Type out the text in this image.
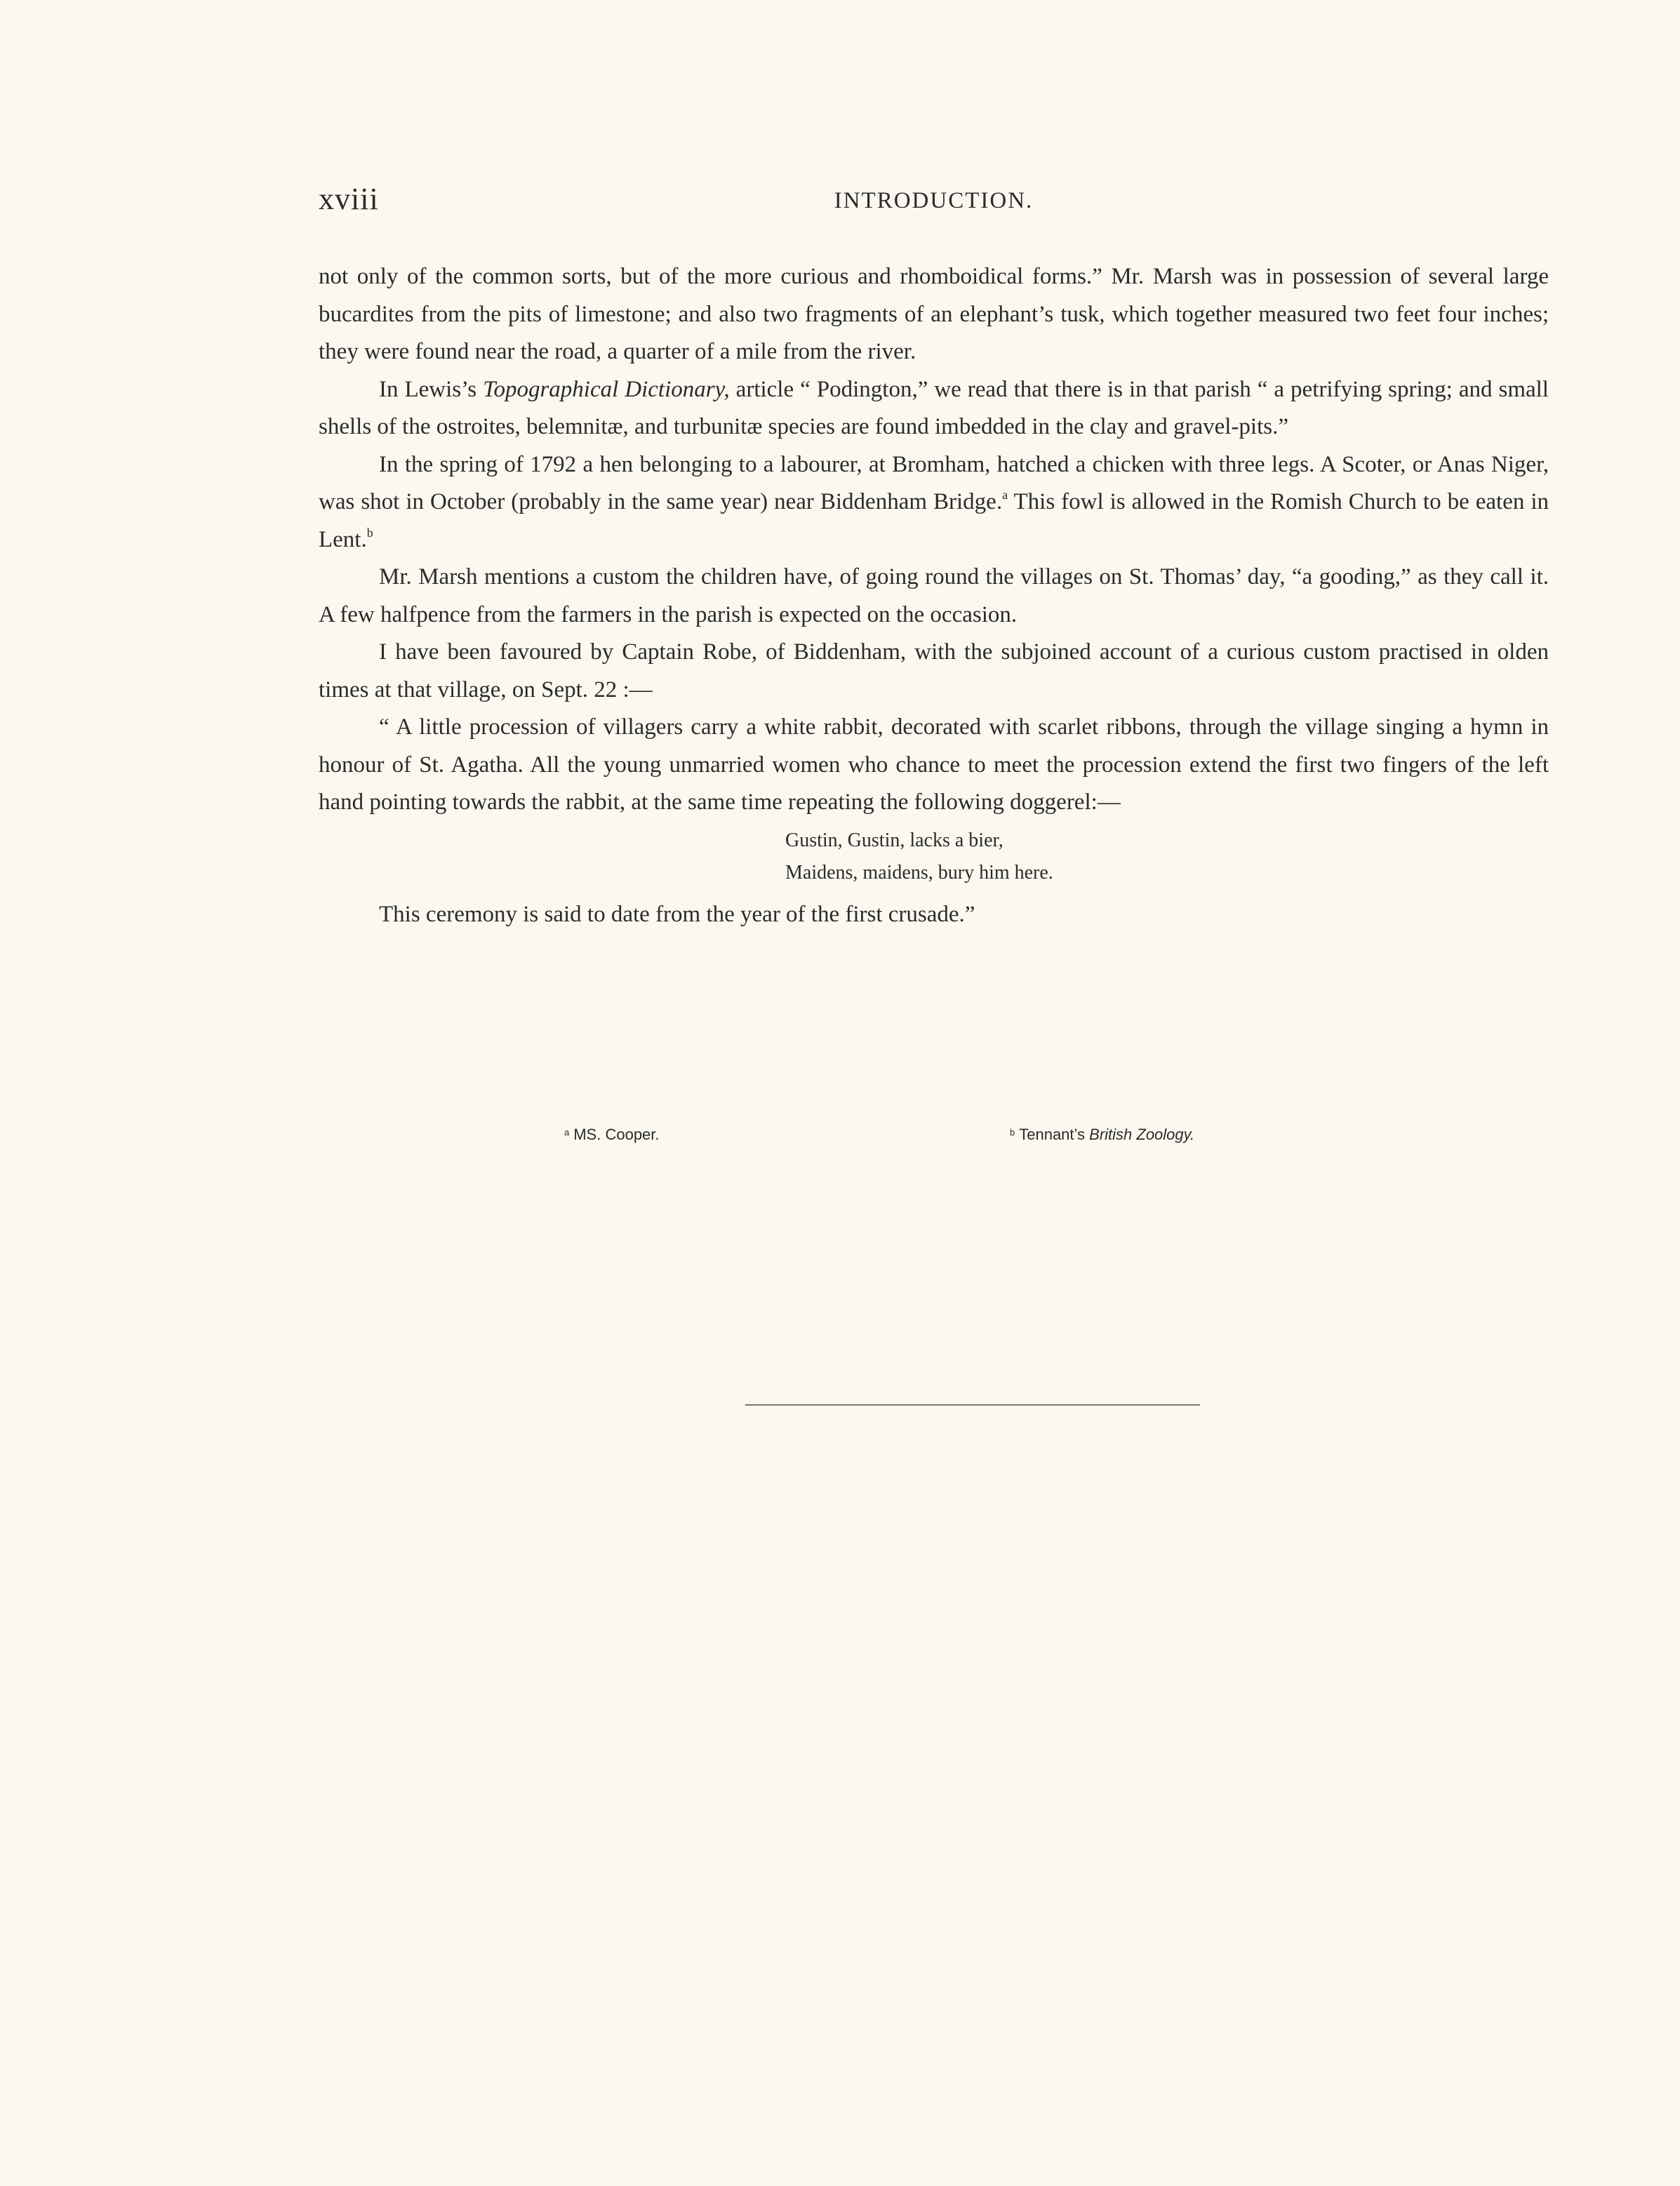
xviii	INTRODUCTION.

not only of the common sorts, but of the more curious and rhomboidical forms.” Mr. Marsh was in possession of several large bucardites from the pits of limestone; and also two fragments of an elephant’s tusk, which together measured two feet four inches; they were found near the road, a quarter of a mile from the river.

In Lewis’s Topographical Dictionary, article “ Podington,” we read that there is in that parish “ a petrifying spring; and small shells of the ostroites, belemnitæ, and turbunitæ species are found imbedded in the clay and gravel-pits.”

In the spring of 1792 a hen belonging to a labourer, at Bromham, hatched a chicken with three legs. A Scoter, or Anas Niger, was shot in October (probably in the same year) near Biddenham Bridge.$^a$ This fowl is allowed in the Romish Church to be eaten in Lent.$^b$

Mr. Marsh mentions a custom the children have, of going round the villages on St. Thomas’ day, “a gooding,” as they call it. A few halfpence from the farmers in the parish is expected on the occasion.

I have been favoured by Captain Robe, of Biddenham, with the subjoined account of a curious custom practised in olden times at that village, on Sept. 22 :—

“ A little procession of villagers carry a white rabbit, decorated with scarlet ribbons, through the village singing a hymn in honour of St. Agatha. All the young unmarried women who chance to meet the procession extend the first two fingers of the left hand pointing towards the rabbit, at the same time repeating the following doggerel:—

Gustin, Gustin, lacks a bier,
Maidens, maidens, bury him here.

This ceremony is said to date from the year of the first crusade.”

$^a$ MS. Cooper.	$^b$ Tennant’s British Zoology.
